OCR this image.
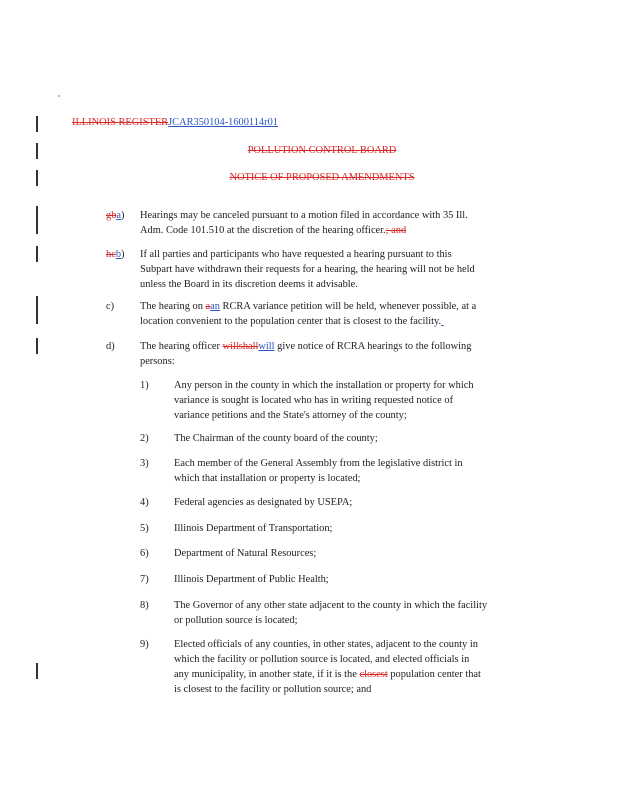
ILLINOIS REGISTERJCAR350104-1600114r01
POLLUTION CONTROL BOARD
NOTICE OF PROPOSED AMENDMENTS
gba) Hearings may be canceled pursuant to a motion filed in accordance with 35 Ill.
Adm. Code 101.510 at the discretion of the hearing officer.; and
hcb) If all parties and participants who have requested a hearing pursuant to this
Subpart have withdrawn their requests for a hearing, the hearing will not be held
unless the Board in its discretion deems it advisable.
c) The hearing on aan RCRA variance petition will be held, whenever possible, at a
location convenient to the population center that is closest to the facility.
d) The hearing officer willshallwill give notice of RCRA hearings to the following
persons:
1) Any person in the county in which the installation or property for which
variance is sought is located who has in writing requested notice of
variance petitions and the State's attorney of the county;
2) The Chairman of the county board of the county;
3) Each member of the General Assembly from the legislative district in
which that installation or property is located;
4) Federal agencies as designated by USEPA;
5) Illinois Department of Transportation;
6) Department of Natural Resources;
7) Illinois Department of Public Health;
8) The Governor of any other state adjacent to the county in which the facility
or pollution source is located;
9) Elected officials of any counties, in other states, adjacent to the county in
which the facility or pollution source is located, and elected officials in
any municipality, in another state, if it is the closest population center that
is closest to the facility or pollution source; and
